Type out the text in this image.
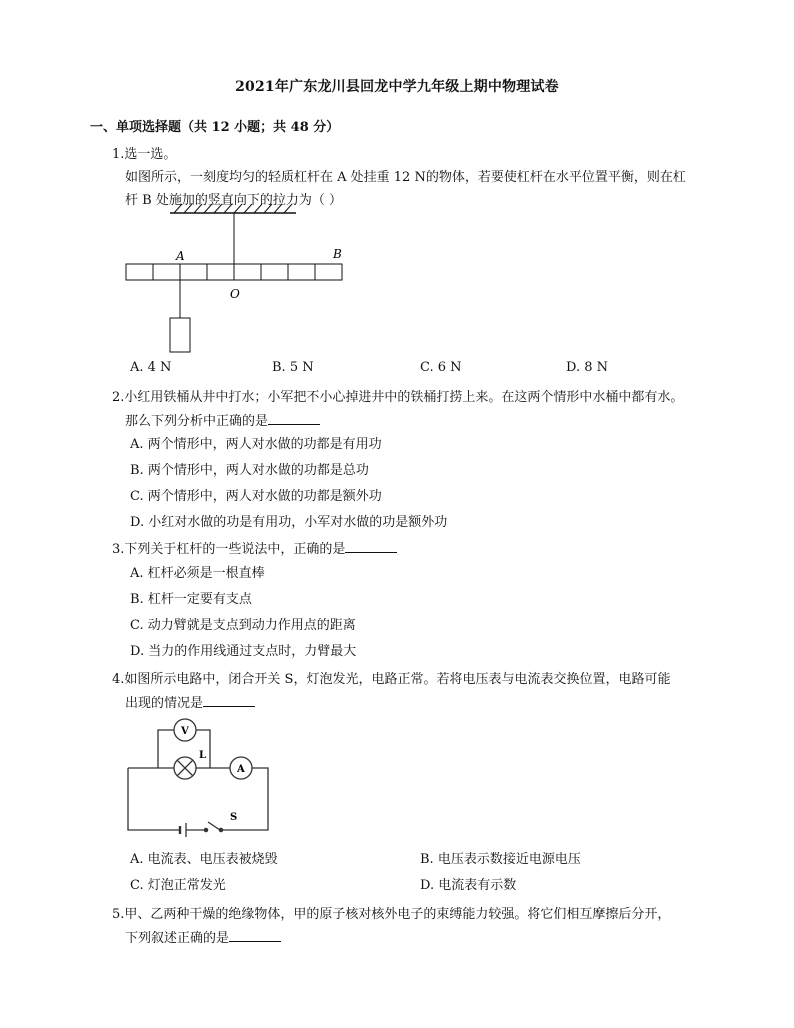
2021年广东龙川县回龙中学九年级上期中物理试卷
一、单项选择题（共 12 小题；共 48 分）
1.选一选。
如图所示，一刻度均匀的轻质杠杆在 A 处挂重 12 N的物体，若要使杠杆在水平位置平衡，则在杠
杆 B 处施加的竖直向下的拉力为（ ）
A	B
O
A. 4 N	B. 5 N	C. 6 N	D. 8 N
2.小红用铁桶从井中打水；小军把不小心掉进井中的铁桶打捞上来。在这两个情形中水桶中都有水。
那么下列分析中正确的是
A. 两个情形中，两人对水做的功都是有用功
B. 两个情形中，两人对水做的功都是总功
C. 两个情形中，两人对水做的功都是额外功
D. 小红对水做的功是有用功，小军对水做的功是额外功
3.下列关于杠杆的一些说法中，正确的是
A. 杠杆必须是一根直棒
B. 杠杆一定要有支点
C. 动力臂就是支点到动力作用点的距离
D. 当力的作用线通过支点时，力臂最大
4.如图所示电路中，闭合开关 S，灯泡发光，电路正常。若将电压表与电流表交换位置，电路可能
出现的情况是
V
L
A
S
A. 电流表、电压表被烧毁	B. 电压表示数接近电源电压
C. 灯泡正常发光	D. 电流表有示数
5.甲、乙两种干燥的绝缘物体，甲的原子核对核外电子的束缚能力较强。将它们相互摩擦后分开，
下列叙述正确的是
